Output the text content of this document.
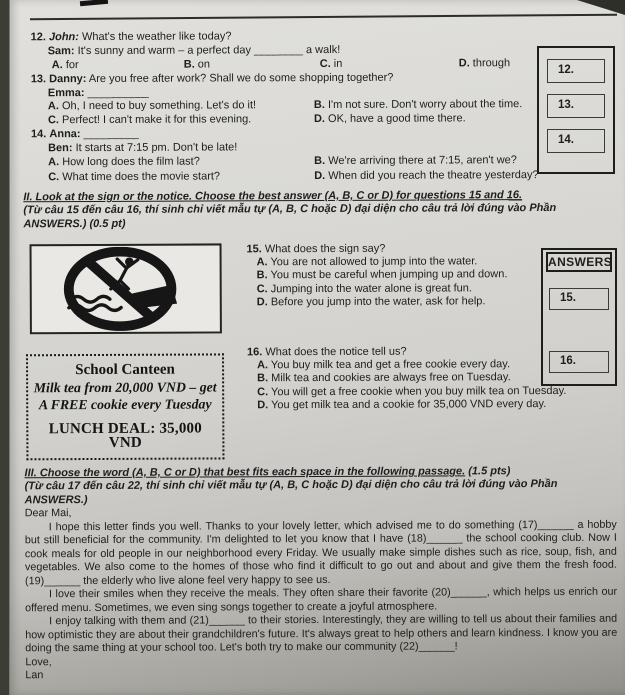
12.
13.
14.
ANSWERS
15.
16.
12. John: What's the weather like today?
Sam: It's sunny and warm – a perfect day ________ a walk!
A. for	B. on	C. in	D. through
13. Danny: Are you free after work? Shall we do some shopping together?
Emma: __________
A. Oh, I need to buy something. Let's do it!	B. I'm not sure. Don't worry about the time.
C. Perfect! I can't make it for this evening.	D. OK, have a good time there.
14. Anna: _________
Ben: It starts at 7:15 pm. Don't be late!
A. How long does the film last?	B. We're arriving there at 7:15, aren't we?
C. What time does the movie start?	D. When did you reach the theatre yesterday?
II. Look at the sign or the notice. Choose the best answer (A, B, C or D) for questions 15 and 16.
(Từ câu 15 đến câu 16, thí sinh chỉ viết mẫu tự (A, B, C hoặc D) đại diện cho câu trả lời đúng vào Phần ANSWERS.) (0.5 pt)
School Canteen
Milk tea from 20,000 VND – get
A FREE cookie every Tuesday
LUNCH DEAL: 35,000 VND
15. What does the sign say?
A. You are not allowed to jump into the water.
B. You must be careful when jumping up and down.
C. Jumping into the water alone is great fun.
D. Before you jump into the water, ask for help.
16. What does the notice tell us?
A. You buy milk tea and get a free cookie every day.
B. Milk tea and cookies are always free on Tuesday.
C. You will get a free cookie when you buy milk tea on Tuesday.
D. You get milk tea and a cookie for 35,000 VND every day.
III. Choose the word (A, B, C or D) that best fits each space in the following passage. (1.5 pts)
(Từ câu 17 đến câu 22, thí sinh chỉ viết mẫu tự (A, B, C hoặc D) đại diện cho câu trả lời đúng vào Phần ANSWERS.)

Dear Mai,

I hope this letter finds you well. Thanks to your lovely letter, which advised me to do something (17)______ a hobby but still beneficial for the community. I'm delighted to let you know that I have (18)______ the school cooking club. Now I cook meals for old people in our neighborhood every Friday. We usually make simple dishes such as rice, soup, fish, and vegetables. We also come to the homes of those who find it difficult to go out and about and give them the fresh food. (19)______ the elderly who live alone feel very happy to see us.

I love their smiles when they receive the meals. They often share their favorite (20)______, which helps us enrich our offered menu. Sometimes, we even sing songs together to create a joyful atmosphere.

I enjoy talking with them and (21)______ to their stories. Interestingly, they are willing to tell us about their families and how optimistic they are about their grandchildren's future. It's always great to help others and learn kindness. I know you are doing the same thing at your school too. Let's both try to make our community (22)______!

Love,

Lan
